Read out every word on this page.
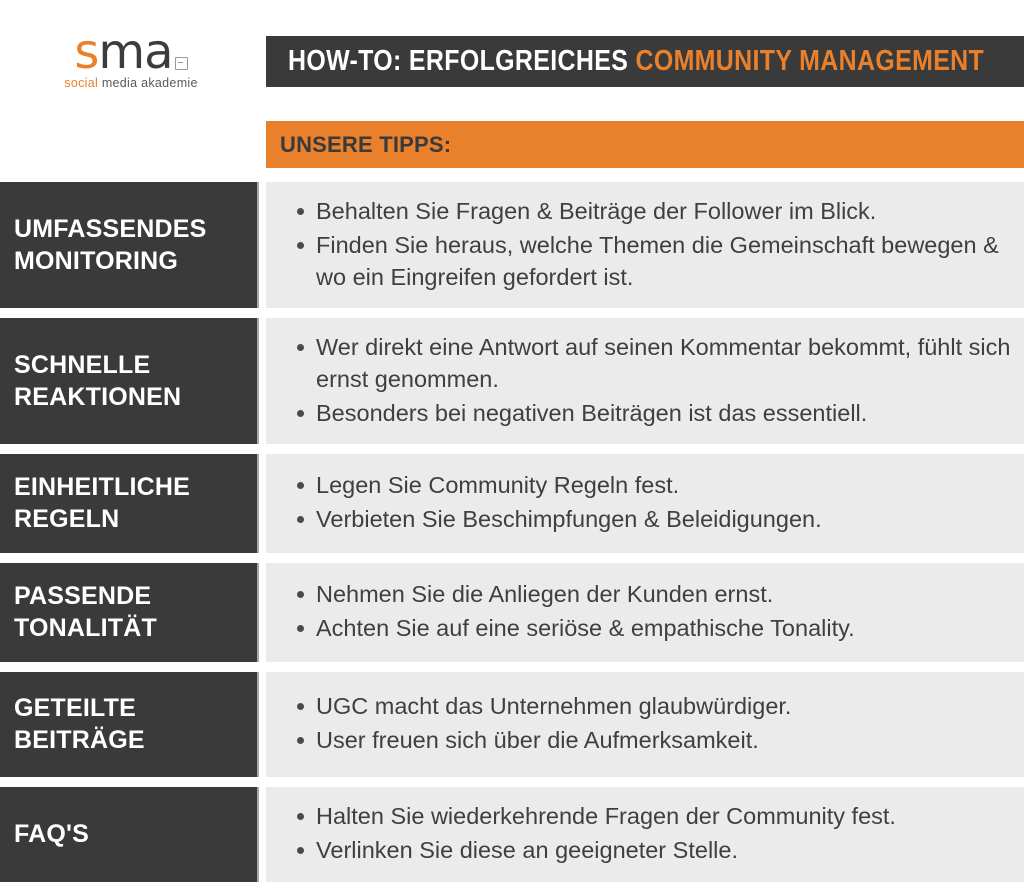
sma
social media akademie
HOW-TO: ERFOLGREICHES COMMUNITY MANAGEMENT
UNSERE TIPPS:
UMFASSENDES
MONITORING
Behalten Sie Fragen & Beiträge der Follower im Blick.
Finden Sie heraus, welche Themen die Gemeinschaft bewegen & wo ein Eingreifen gefordert ist.
SCHNELLE
REAKTIONEN
Wer direkt eine Antwort auf seinen Kommentar bekommt, fühlt sich ernst genommen.
Besonders bei negativen Beiträgen ist das essentiell.
EINHEITLICHE
REGELN
Legen Sie Community Regeln fest.
Verbieten Sie Beschimpfungen & Beleidigungen.
PASSENDE
TONALITÄT
Nehmen Sie die Anliegen der Kunden ernst.
Achten Sie auf eine seriöse & empathische Tonality.
GETEILTE
BEITRÄGE
UGC macht das Unternehmen glaubwürdiger.
User freuen sich über die Aufmerksamkeit.
FAQ'S
Halten Sie wiederkehrende Fragen der Community fest.
Verlinken Sie diese an geeigneter Stelle.
